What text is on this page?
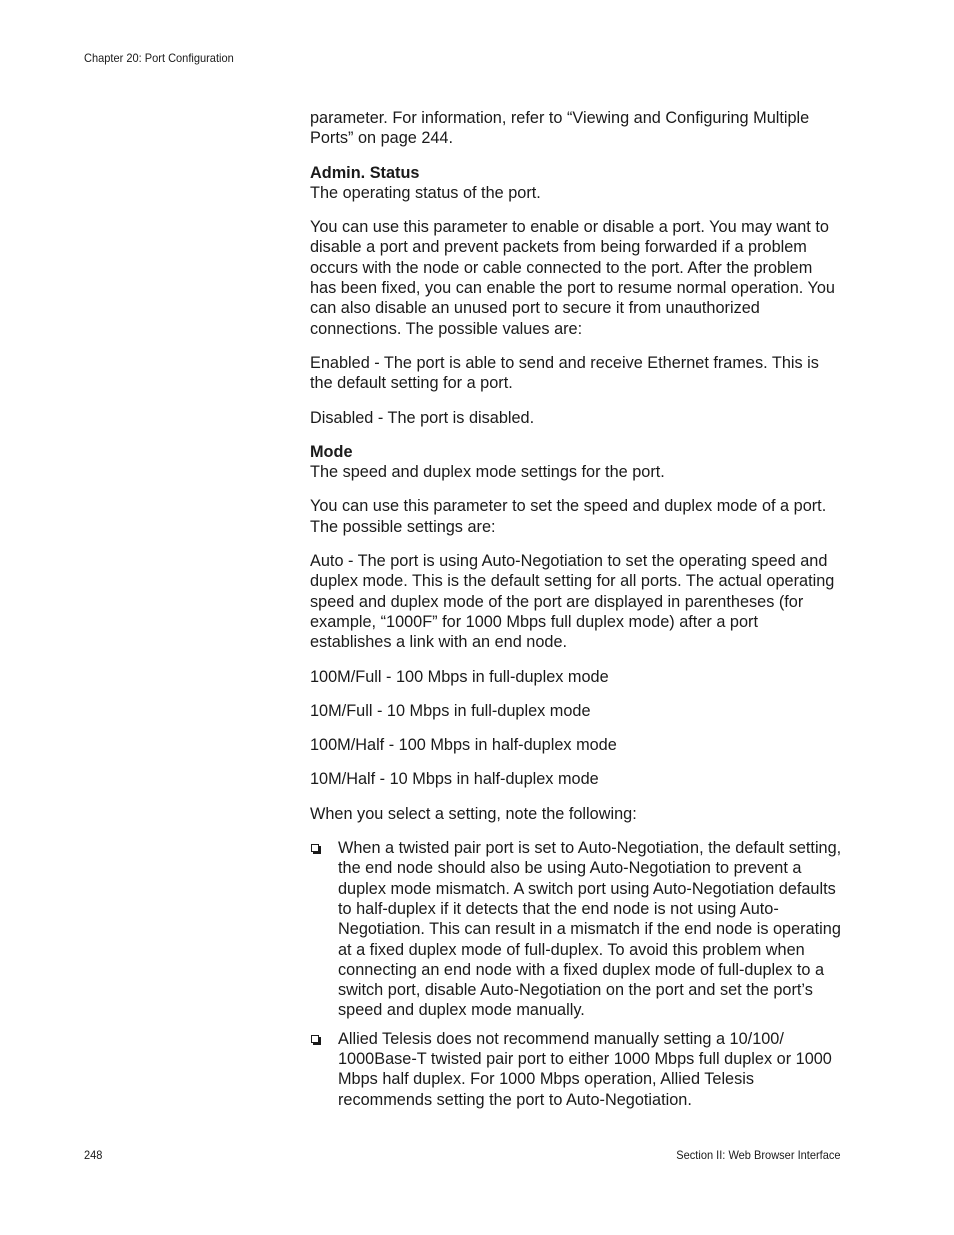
Chapter 20: Port Configuration

parameter. For information, refer to “Viewing and Configuring Multiple Ports” on page 244.

Admin. Status
The operating status of the port.

You can use this parameter to enable or disable a port. You may want to disable a port and prevent packets from being forwarded if a problem occurs with the node or cable connected to the port. After the problem has been fixed, you can enable the port to resume normal operation. You can also disable an unused port to secure it from unauthorized connections. The possible values are:

Enabled - The port is able to send and receive Ethernet frames. This is the default setting for a port.

Disabled - The port is disabled.

Mode
The speed and duplex mode settings for the port.

You can use this parameter to set the speed and duplex mode of a port. The possible settings are:

Auto - The port is using Auto-Negotiation to set the operating speed and duplex mode. This is the default setting for all ports. The actual operating speed and duplex mode of the port are displayed in parentheses (for example, “1000F” for 1000 Mbps full duplex mode) after a port establishes a link with an end node.

100M/Full - 100 Mbps in full-duplex mode

10M/Full - 10 Mbps in full-duplex mode

100M/Half - 100 Mbps in half-duplex mode

10M/Half - 10 Mbps in half-duplex mode

When you select a setting, note the following:

When a twisted pair port is set to Auto-Negotiation, the default setting, the end node should also be using Auto-Negotiation to prevent a duplex mode mismatch. A switch port using Auto-Negotiation defaults to half-duplex if it detects that the end node is not using Auto-Negotiation. This can result in a mismatch if the end node is operating at a fixed duplex mode of full-duplex. To avoid this problem when connecting an end node with a fixed duplex mode of full-duplex to a switch port, disable Auto-Negotiation on the port and set the port’s speed and duplex mode manually.
Allied Telesis does not recommend manually setting a 10/100/ 1000Base-T twisted pair port to either 1000 Mbps full duplex or 1000 Mbps half duplex. For 1000 Mbps operation, Allied Telesis recommends setting the port to Auto-Negotiation.
248	Section II: Web Browser Interface
